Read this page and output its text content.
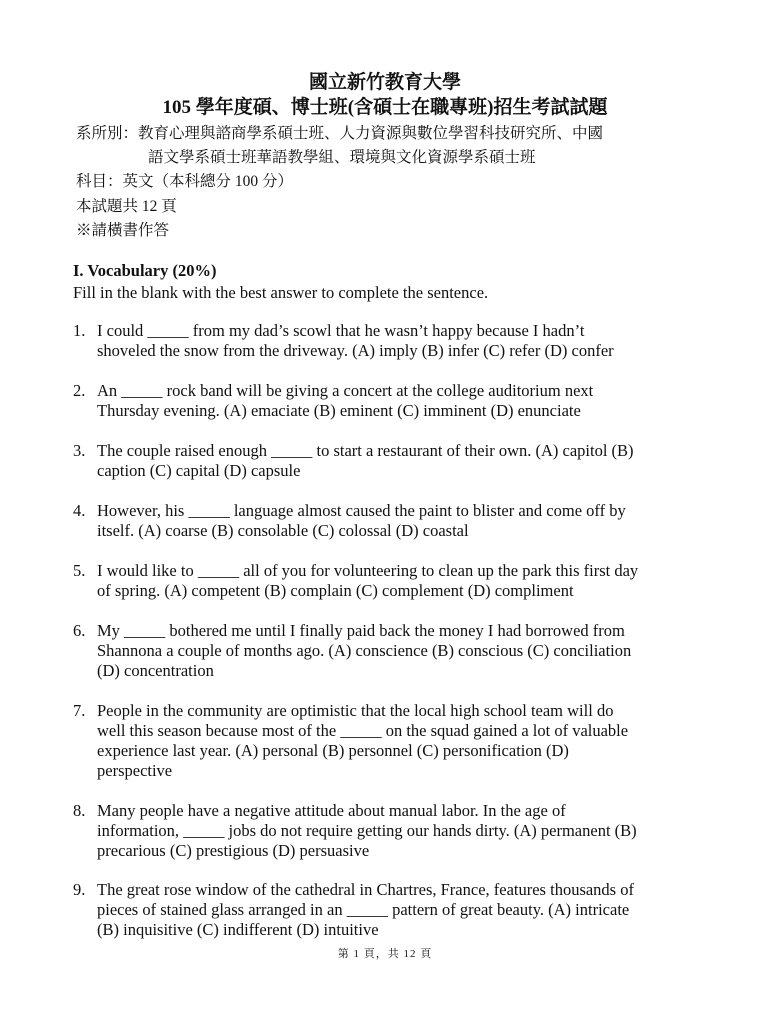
國立新竹教育大學
105 學年度碩、博士班(含碩士在職專班)招生考試試題
系所別：教育心理與諮商學系碩士班、人力資源與數位學習科技研究所、中國
語文學系碩士班華語教學組、環境與文化資源學系碩士班
科目：英文（本科總分 100 分）
本試題共 12 頁
※請橫書作答
I. Vocabulary (20%)
Fill in the blank with the best answer to complete the sentence.
1. I could _____ from my dad’s scowl that he wasn’t happy because I hadn’t
shoveled the snow from the driveway. (A) imply (B) infer (C) refer (D) confer
2. An _____ rock band will be giving a concert at the college auditorium next
Thursday evening. (A) emaciate (B) eminent (C) imminent (D) enunciate
3. The couple raised enough _____ to start a restaurant of their own. (A) capitol (B)
caption (C) capital (D) capsule
4. However, his _____ language almost caused the paint to blister and come off by
itself. (A) coarse (B) consolable (C) colossal (D) coastal
5. I would like to _____ all of you for volunteering to clean up the park this first day
of spring. (A) competent (B) complain (C) complement (D) compliment
6. My _____ bothered me until I finally paid back the money I had borrowed from
Shannona a couple of months ago. (A) conscience (B) conscious (C) conciliation
(D) concentration
7. People in the community are optimistic that the local high school team will do
well this season because most of the _____ on the squad gained a lot of valuable
experience last year. (A) personal (B) personnel (C) personification (D)
perspective
8. Many people have a negative attitude about manual labor. In the age of
information, _____ jobs do not require getting our hands dirty. (A) permanent (B)
precarious (C) prestigious (D) persuasive
9. The great rose window of the cathedral in Chartres, France, features thousands of
pieces of stained glass arranged in an _____ pattern of great beauty. (A) intricate
(B) inquisitive (C) indifferent (D) intuitive
第 1 頁，共 12 頁
